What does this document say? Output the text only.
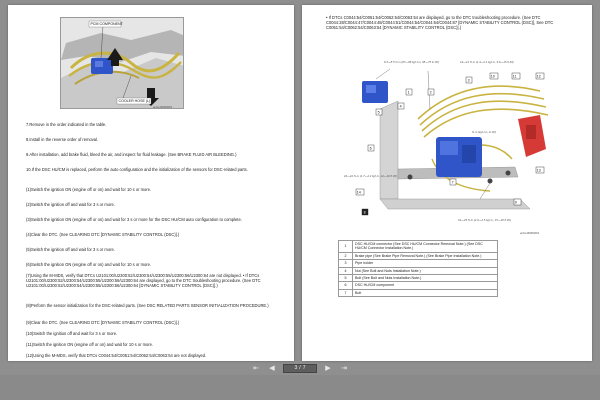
PCM COMPONENT
COOLER HOSE (L)
acfuu00000001
7.Remove in the order indicated in the table.
8.Install in the reverse order of removal.
9.After installation, add brake fluid, bleed the air, and inspect for fluid leakage. (See BRAKE FLUID AIR BLEEDING.)
10.If the DSC HU/CM is replaced, perform the auto configuration and the initialization of the sensors for DSC-related parts.
(1)Switch the ignition ON (engine off or on) and wait for 10 s or more.
(2)Switch the ignition off and wait for 3 s or more.
(3)Switch the ignition ON (engine off or on) and wait for 3 s or more for the DSC HU/CM auto configuration to complete.
(4)Clear the DTC. (See CLEARING DTC [DYNAMIC STABILITY CONTROL (DSC)].)
(5)Switch the ignition off and wait for 3 s or more.
(6)Switch the ignition ON (engine off or on) and wait for 10 s or more.
(7)Using the M-MDS, verify that DTCs U2101:00/U2300:52/U2300:54/U2300:55/U2300:56/U2300:64 are not displayed. • If DTCs U2101:00/U2300:52/U2300:54/U2300:55/U2300:56/U2300:64 are displayed, go to the DTC troubleshooting procedure. (See DTC U2101:00/U2300:52/U2300:54/U2300:55/U2300:56/U2300:64 [DYNAMIC STABILITY CONTROL (DSC)].)
(8)Perform the sensor initialization for the DSC-related parts. (See DSC RELATED PARTS SENSOR INITIALIZATION PROCEDURE.)
(9)Clear the DTC. (See CLEARING DTC [DYNAMIC STABILITY CONTROL (DSC)].)
(10)Switch the ignition off and wait for 3 s or more.
(11)Switch the ignition ON (engine off or on) and wait for 10 s or more.
(12)Using the M-MDS, verify that DTCs C0044:54/C0051:54/C0062:54/C0063:54 are not displayed.
• If DTCs C0044:54/C0051:54/C0062:54/C0063:54 are displayed, go to the DTC troubleshooting procedure. (See DTC C0044:28/C0044:47/C0044:48/C0044:51/C0044:54/C0044:64/C0044:87 [DYNAMIC STABILITY CONTROL (DSC)], See DTC C0051:54/C0062:54/C0063:54 [DYNAMIC STABILITY CONTROL (DSC)].)
1	2
3
4
5
6
7
8
9
10	11	12
13
14
6.5—8.5 N·m {67—86 kgf·cm, 58—75 in·lbf}	13—21 N·m {1.4—2.1 kgf·m, 9.6—15 ft·lbf}
16—22 N·m {1.7—2.2 kgf·m, 12—16 ft·lbf}
19—25 N·m {2.0—2.5 kgf·m, 15—18 ft·lbf}
N·m (kgf·cm, in·lbf)
acfuu00000001
1	DSC HU/CM connector (See DSC HU/CM Connector Removal Note.) (See DSC HU/CM Connector Installation Note.)
2	Brake pipe (See Brake Pipe Removal Note.) (See Brake Pipe Installation Note.)
3	Pipe holder
4	Nut (See Bolt and Nuts Installation Note.)
5	Bolt (See Bolt and Nuts Installation Note.)
6	DSC HU/CM component
7	Bolt
⇤ ◀	3 / 7	▶ ⇥
